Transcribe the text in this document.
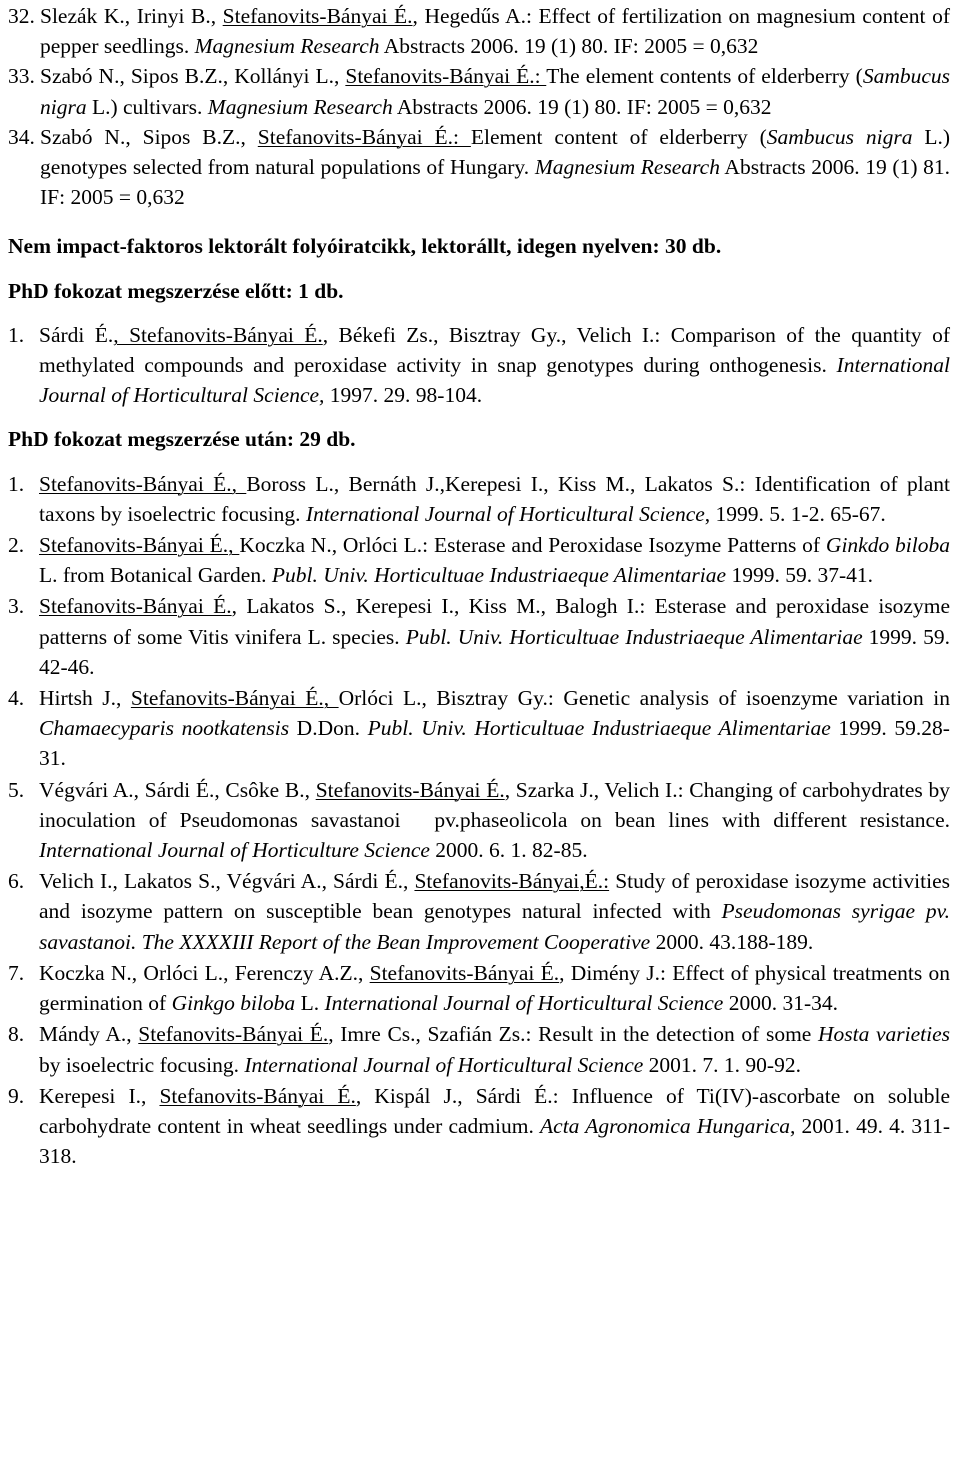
32. Slezák K., Irinyi B., Stefanovits-Bányai É., Hegedűs A.: Effect of fertilization on magnesium content of pepper seedlings. Magnesium Research Abstracts 2006. 19 (1) 80. IF: 2005 = 0,632
33. Szabó N., Sipos B.Z., Kollányi L., Stefanovits-Bányai É.: The element contents of elderberry (Sambucus nigra L.) cultivars. Magnesium Research Abstracts 2006. 19 (1) 80. IF: 2005 = 0,632
34. Szabó N., Sipos B.Z., Stefanovits-Bányai É.: Element content of elderberry (Sambucus nigra L.) genotypes selected from natural populations of Hungary. Magnesium Research Abstracts 2006. 19 (1) 81. IF: 2005 = 0,632

Nem impact-faktoros lektorált folyóiratcikk, lektorállt, idegen nyelven: 30 db.

PhD fokozat megszerzése előtt: 1 db.

1. Sárdi É., Stefanovits-Bányai É., Békefi Zs., Bisztray Gy., Velich I.: Comparison of the quantity of methylated compounds and peroxidase activity in snap genotypes during onthogenesis. International Journal of Horticultural Science, 1997. 29. 98-104.

PhD fokozat megszerzése után: 29 db.

1. Stefanovits-Bányai É., Boross L., Bernáth J.,Kerepesi I., Kiss M., Lakatos S.: Identification of plant taxons by isoelectric focusing. International Journal of Horticultural Science, 1999. 5. 1-2. 65-67.
2. Stefanovits-Bányai É., Koczka N., Orlóci L.: Esterase and Peroxidase Isozyme Patterns of Ginkdo biloba L. from Botanical Garden. Publ. Univ. Horticultuae Industriaeque Alimentariae 1999. 59. 37-41.
3. Stefanovits-Bányai É., Lakatos S., Kerepesi I., Kiss M., Balogh I.: Esterase and peroxidase isozyme patterns of some Vitis vinifera L. species. Publ. Univ. Horticultuae Industriaeque Alimentariae 1999. 59. 42-46.
4. Hirtsh J., Stefanovits-Bányai É., Orlóci L., Bisztray Gy.: Genetic analysis of isoenzyme variation in Chamaecyparis nootkatensis D.Don. Publ. Univ. Horticultuae Industriaeque Alimentariae 1999. 59.28-31.
5. Végvári A., Sárdi É., Csôke B., Stefanovits-Bányai É., Szarka J., Velich I.: Changing of carbohydrates by inoculation of Pseudomonas savastanoi pv.phaseolicola on bean lines with different resistance. International Journal of Horticulture Science 2000. 6. 1. 82-85.
6. Velich I., Lakatos S., Végvári A., Sárdi É., Stefanovits-Bányai,É.: Study of peroxidase isozyme activities and isozyme pattern on susceptible bean genotypes natural infected with Pseudomonas syrigae pv. savastanoi. The XXXXIII Report of the Bean Improvement Cooperative 2000. 43.188-189.
7. Koczka N., Orlóci L., Ferenczy A.Z., Stefanovits-Bányai É., Dimény J.: Effect of physical treatments on germination of Ginkgo biloba L. International Journal of Horticultural Science 2000. 31-34.
8. Mándy A., Stefanovits-Bányai É., Imre Cs., Szafián Zs.: Result in the detection of some Hosta varieties by isoelectric focusing. International Journal of Horticultural Science 2001. 7. 1. 90-92.
9. Kerepesi I., Stefanovits-Bányai É., Kispál J., Sárdi É.: Influence of Ti(IV)-ascorbate on soluble carbohydrate content in wheat seedlings under cadmium. Acta Agronomica Hungarica, 2001. 49. 4. 311-318.
